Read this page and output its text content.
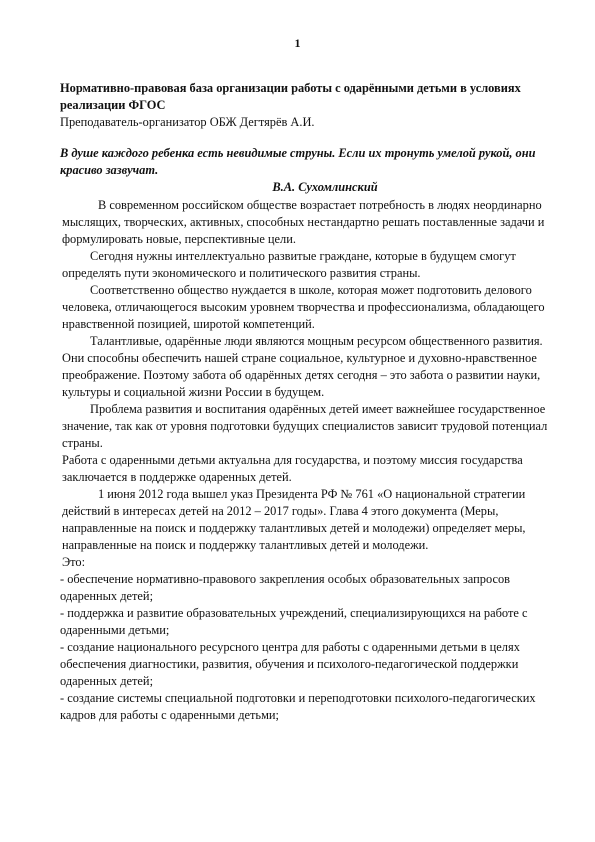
1

Нормативно-правовая база организации работы с одарёнными детьми в условиях реализации ФГОС

Преподаватель-организатор ОБЖ Дегтярёв А.И.

В душе каждого ребенка есть невидимые струны. Если их тронуть умелой рукой, они красиво зазвучат.

В.А. Сухомлинский

В современном российском обществе возрастает потребность в людях неординарно мыслящих, творческих, активных, способных нестандартно решать поставленные задачи и формулировать новые, перспективные цели.

Сегодня нужны интеллектуально развитые граждане, которые в будущем смогут определять пути экономического и политического развития страны.

Соответственно общество нуждается в школе, которая может подготовить делового человека, отличающегося высоким уровнем творчества и профессионализма, обладающего нравственной позицией, широтой компетенций.

Талантливые, одарённые люди являются мощным ресурсом общественного развития. Они способны обеспечить нашей стране социальное, культурное и духовно-нравственное преображение. Поэтому забота об одарённых детях сегодня – это забота о развитии науки, культуры и социальной жизни России в будущем.

Проблема развития и воспитания одарённых детей имеет важнейшее государственное значение, так как от уровня подготовки будущих специалистов зависит трудовой потенциал страны.

Работа с одаренными детьми актуальна для государства, и поэтому миссия государства заключается в поддержке одаренных детей.

1 июня 2012 года вышел указ Президента РФ № 761 «О национальной стратегии действий в интересах детей на 2012 – 2017 годы». Глава 4 этого документа (Меры, направленные на поиск и поддержку талантливых детей и молодежи) определяет меры, направленные на поиск и поддержку талантливых детей и молодежи.

Это:

- обеспечение нормативно-правового закрепления особых образовательных запросов одаренных детей;

- поддержка и развитие образовательных учреждений, специализирующихся на работе с одаренными детьми;

- создание национального ресурсного центра для работы с одаренными детьми в целях обеспечения диагностики, развития, обучения и психолого-педагогической поддержки одаренных детей;

- создание системы специальной подготовки и переподготовки психолого-педагогических кадров для работы с одаренными детьми;
